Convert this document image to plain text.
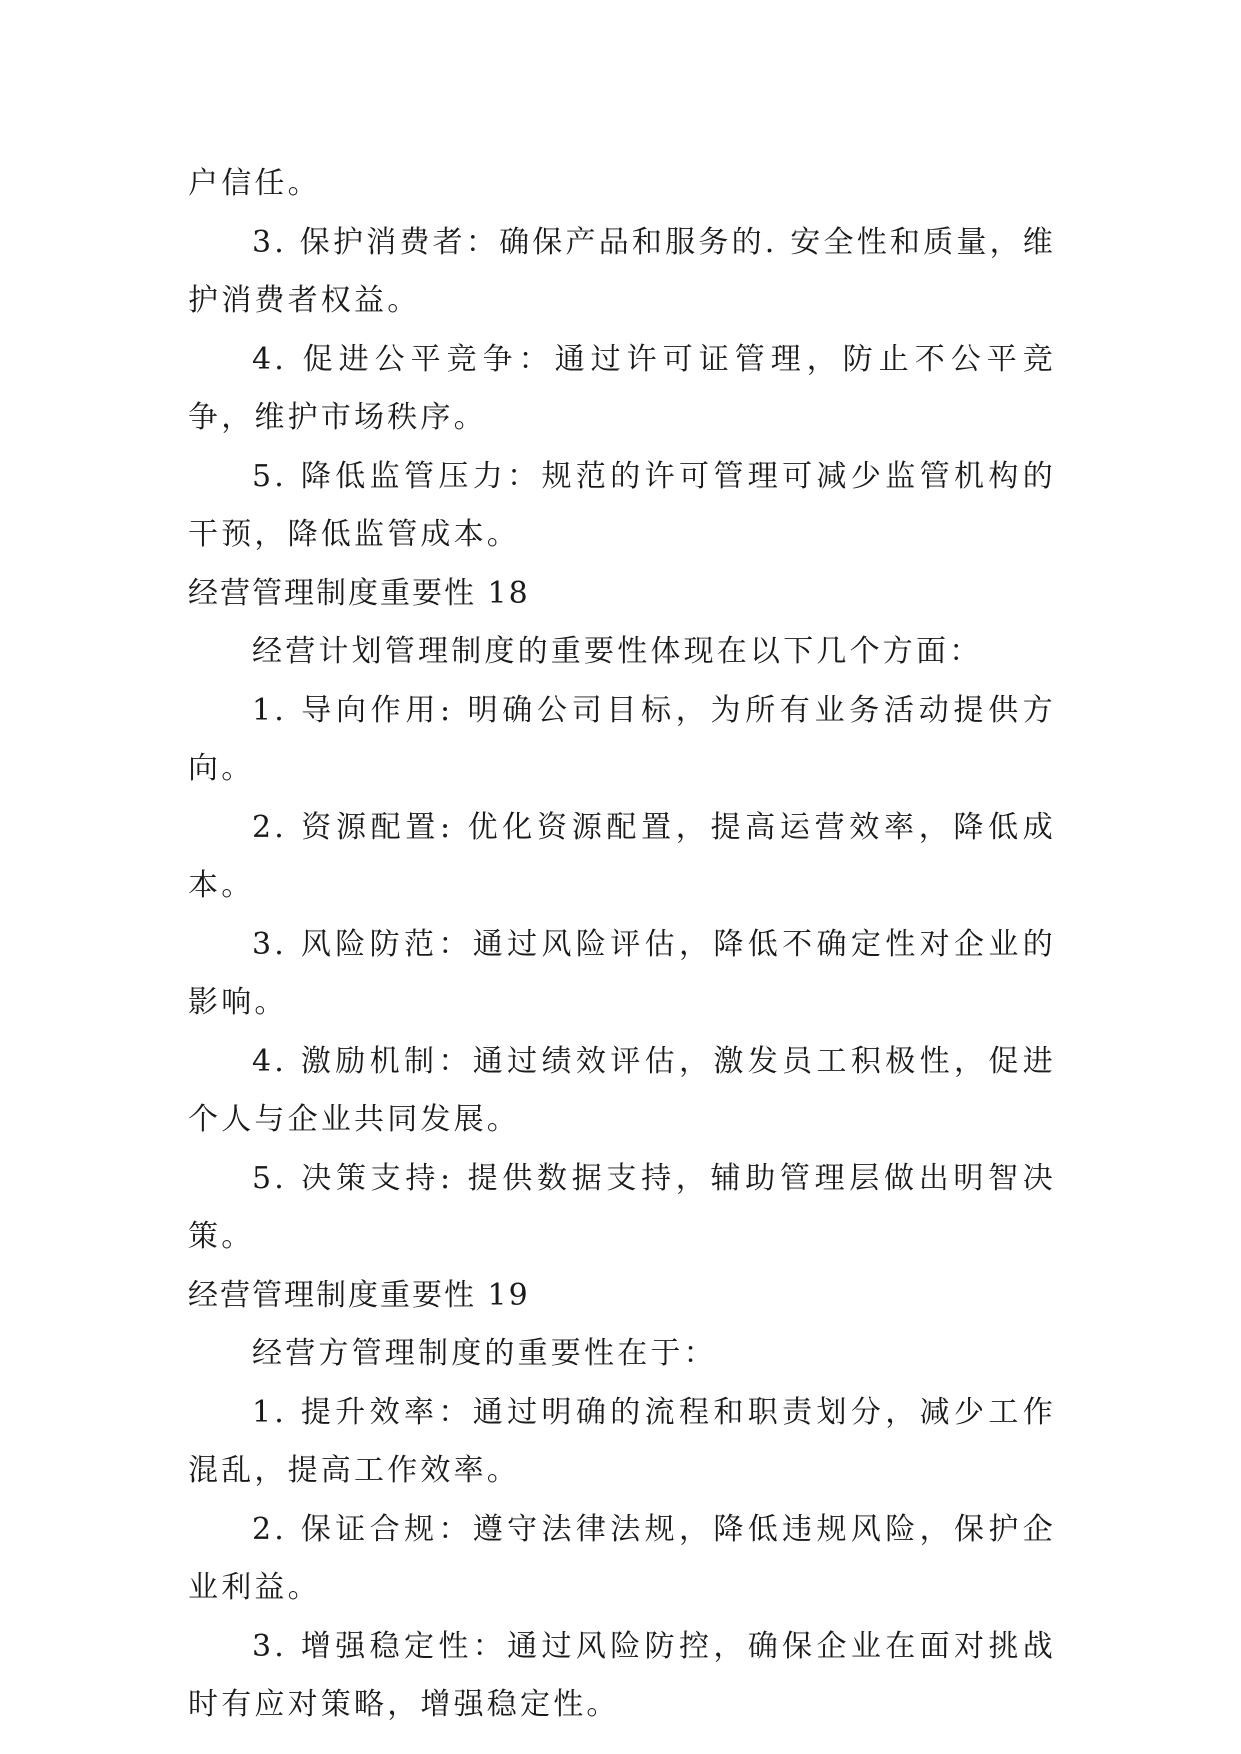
户信任。

3. 保护消费者：确保产品和服务的. 安全性和质量，维护消费者权益。

4. 促进公平竞争：通过许可证管理，防止不公平竞争，维护市场秩序。

5. 降低监管压力：规范的许可管理可减少监管机构的干预，降低监管成本。

经营管理制度重要性 18

经营计划管理制度的重要性体现在以下几个方面：

1. 导向作用: 明确公司目标，为所有业务活动提供方向。

2. 资源配置: 优化资源配置，提高运营效率，降低成本。

3. 风险防范：通过风险评估，降低不确定性对企业的影响。

4. 激励机制：通过绩效评估，激发员工积极性，促进个人与企业共同发展。

5. 决策支持: 提供数据支持，辅助管理层做出明智决策。

经营管理制度重要性 19

经营方管理制度的重要性在于：

1. 提升效率：通过明确的流程和职责划分，减少工作混乱，提高工作效率。

2. 保证合规：遵守法律法规，降低违规风险，保护企业利益。

3. 增强稳定性：通过风险防控，确保企业在面对挑战时有应对策略，增强稳定性。
